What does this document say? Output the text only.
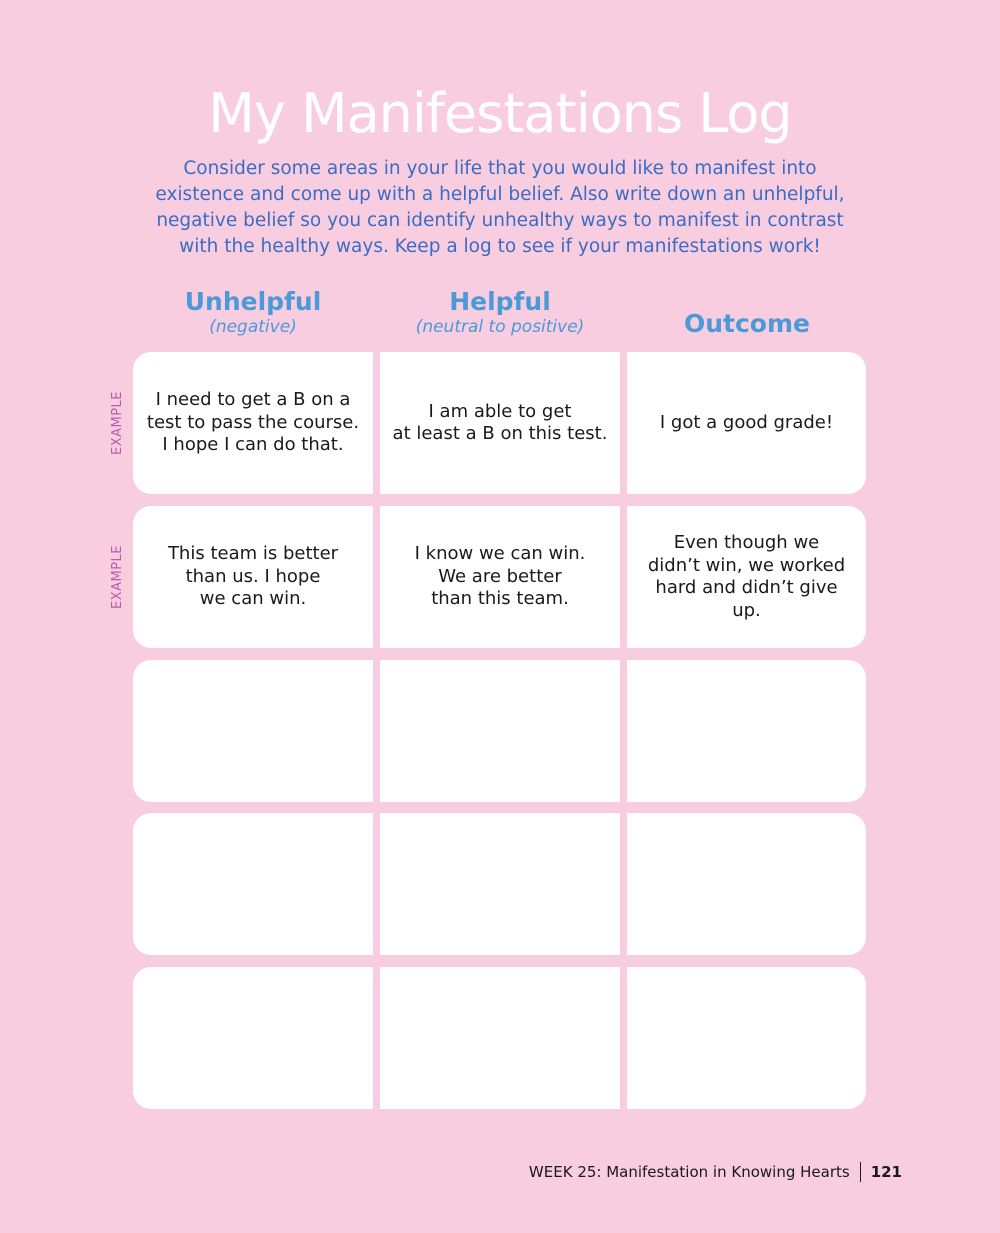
My Manifestations Log

Consider some areas in your life that you would like to manifest into existence and come up with a helpful belief. Also write down an unhelpful, negative belief so you can identify unhealthy ways to manifest in contrast with the healthy ways. Keep a log to see if your manifestations work!

Unhelpful
(negative)
Helpful
(neutral to positive)	Outcome
EXAMPLE
EXAMPLE
I need to get a B on a
test to pass the course.
I hope I can do that.
I am able to get
at least a B on this test.
I got a good grade!
This team is better
than us. I hope
we can win.
I know we can win.
We are better
than this team.
Even though we
didn’t win, we worked
hard and didn’t give up.
WEEK 25: Manifestation in Knowing Hearts 121
